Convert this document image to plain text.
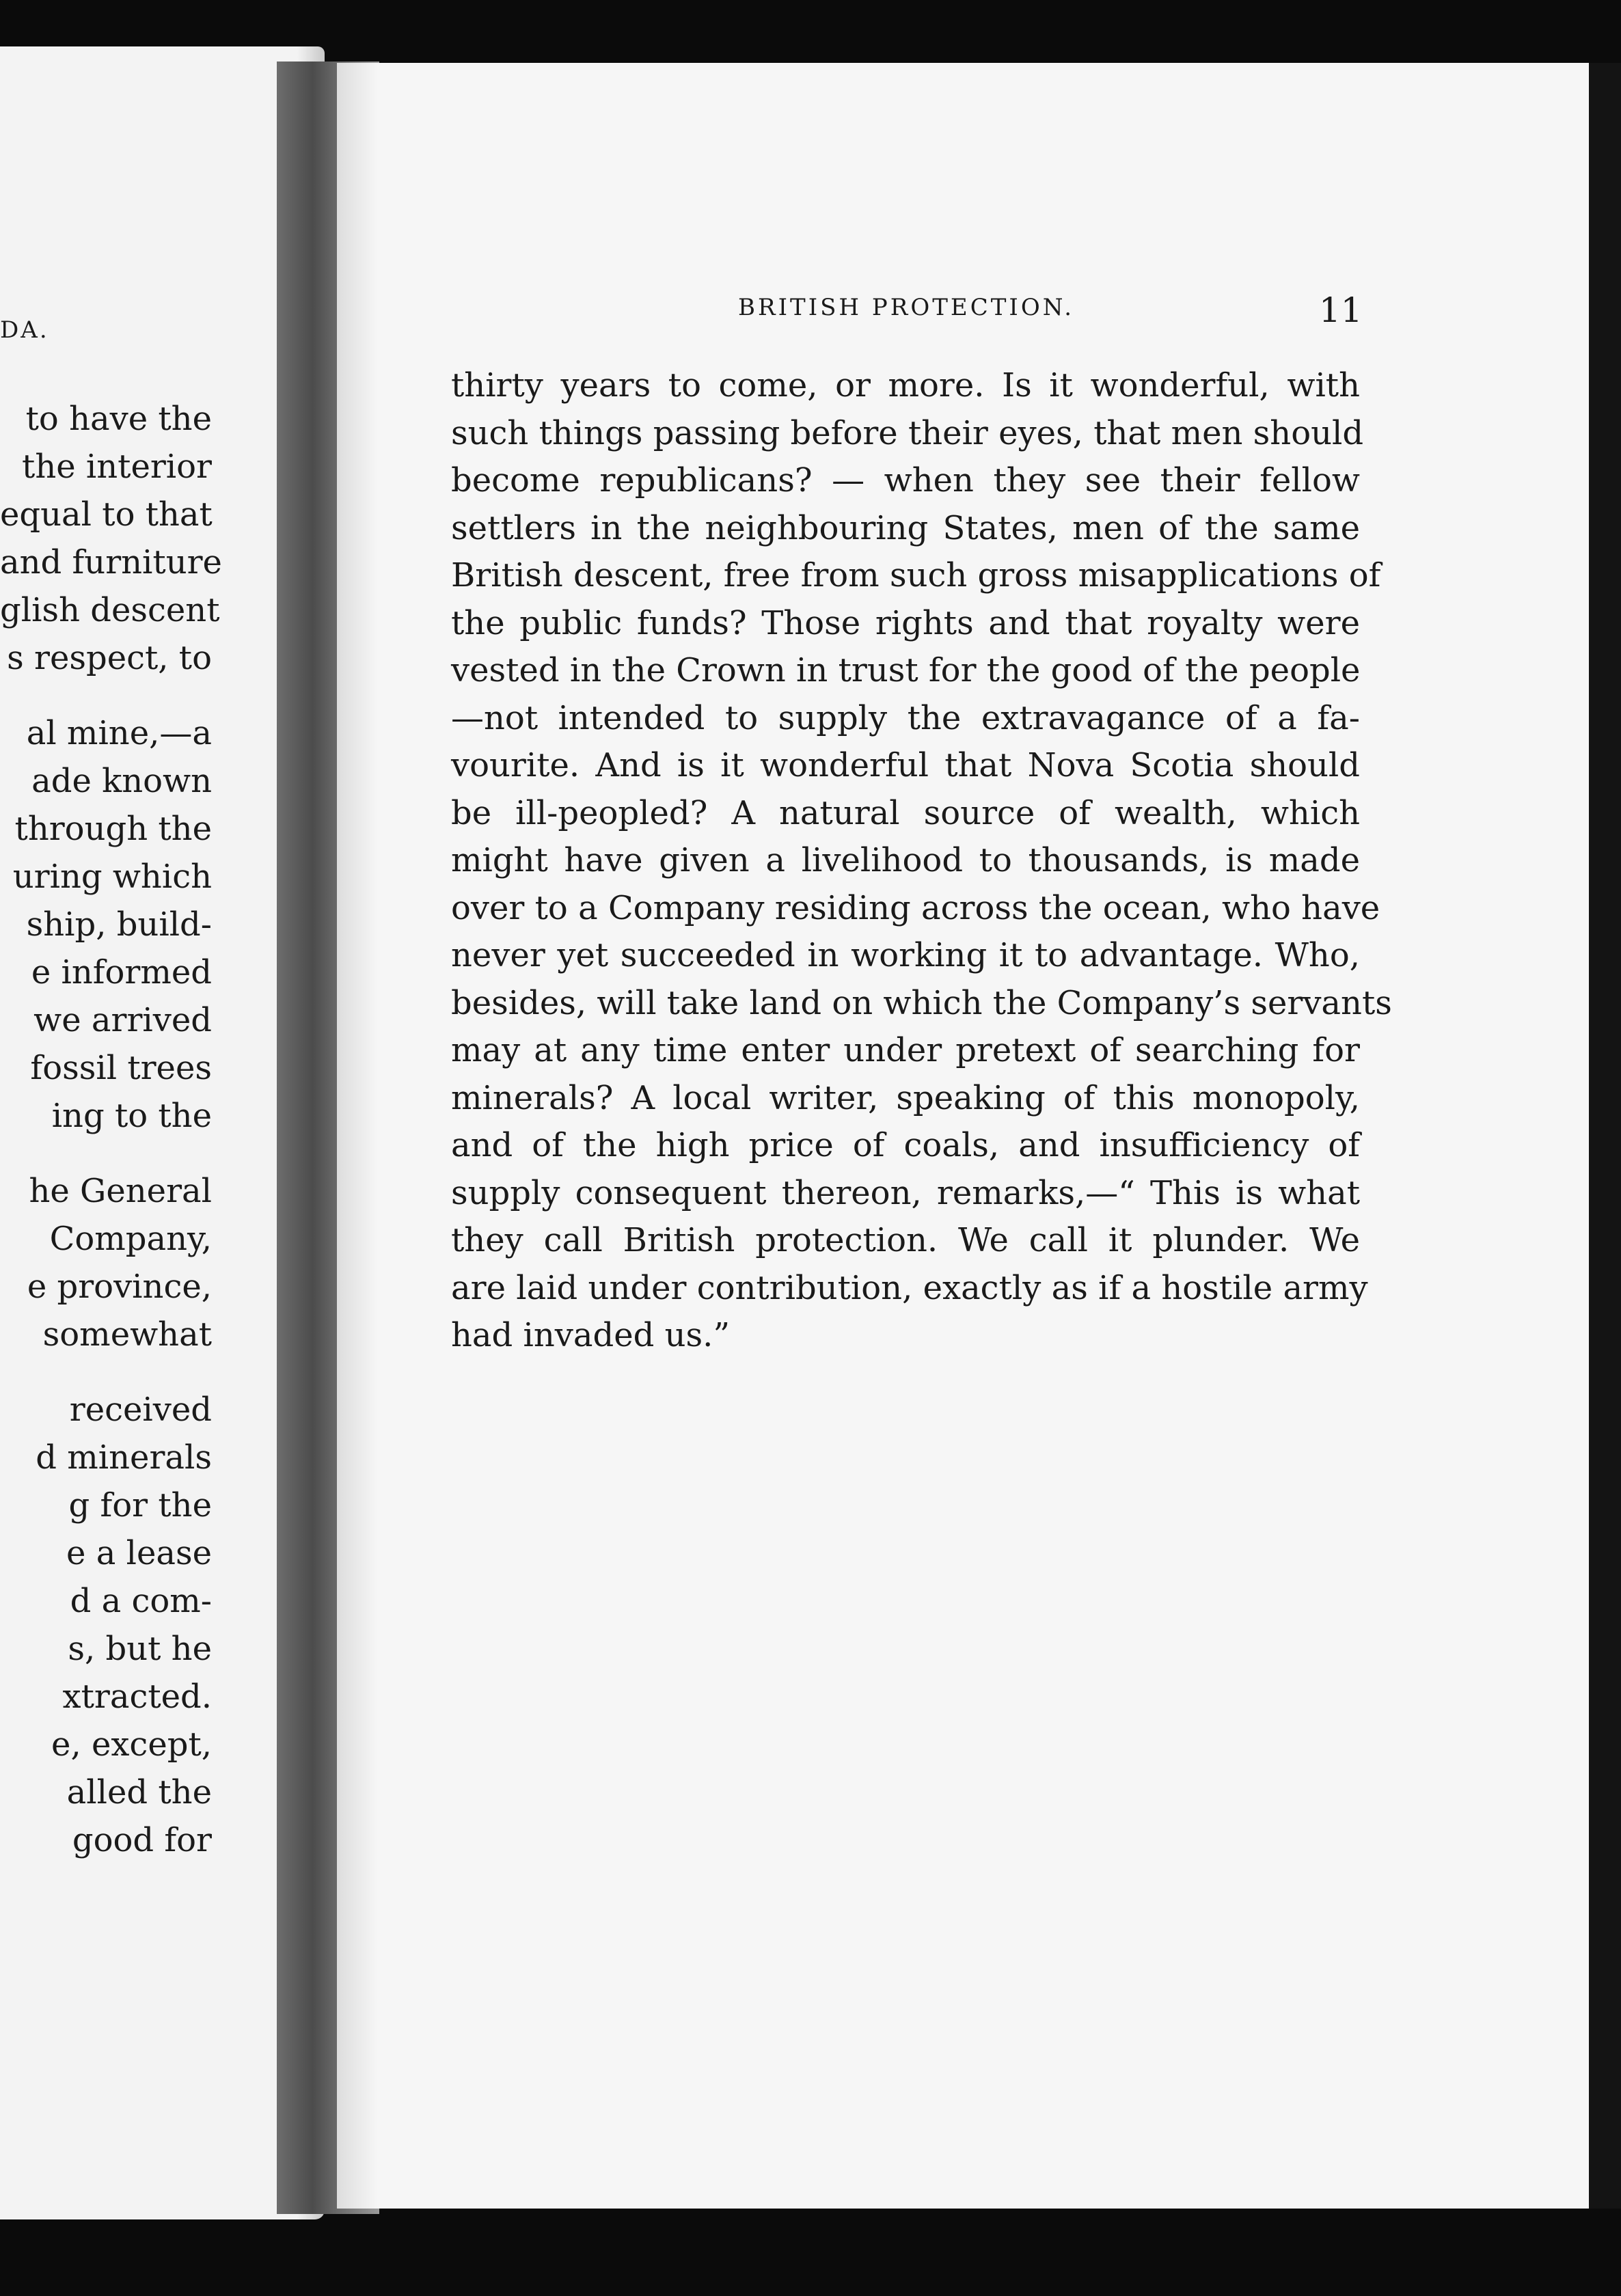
DA.
to have the
the interior
equal to that
and furniture
glish descent
s respect, to
al mine,—a
ade known
through the
uring which
ship, build-
e informed
we arrived
fossil trees
ing to the
he General
Company,
e province,
somewhat
received
d minerals
g for the
e a lease
d a com-
s, but he
xtracted.
e, except,
alled the
good for
BRITISH PROTECTION.	11
thirty years to come, or more. Is it wonderful, with
such things passing before their eyes, that men should
become republicans? — when they see their fellow
settlers in the neighbouring States, men of the same
British descent, free from such gross misapplications of
the public funds? Those rights and that royalty were
vested in the Crown in trust for the good of the people
—not intended to supply the extravagance of a fa-
vourite. And is it wonderful that Nova Scotia should
be ill-peopled? A natural source of wealth, which
might have given a livelihood to thousands, is made
over to a Company residing across the ocean, who have
never yet succeeded in working it to advantage. Who,
besides, will take land on which the Company’s servants
may at any time enter under pretext of searching for
minerals? A local writer, speaking of this monopoly,
and of the high price of coals, and insufficiency of
supply consequent thereon, remarks,—“ This is what
they call British protection. We call it plunder. We
are laid under contribution, exactly as if a hostile army
had invaded us.”
